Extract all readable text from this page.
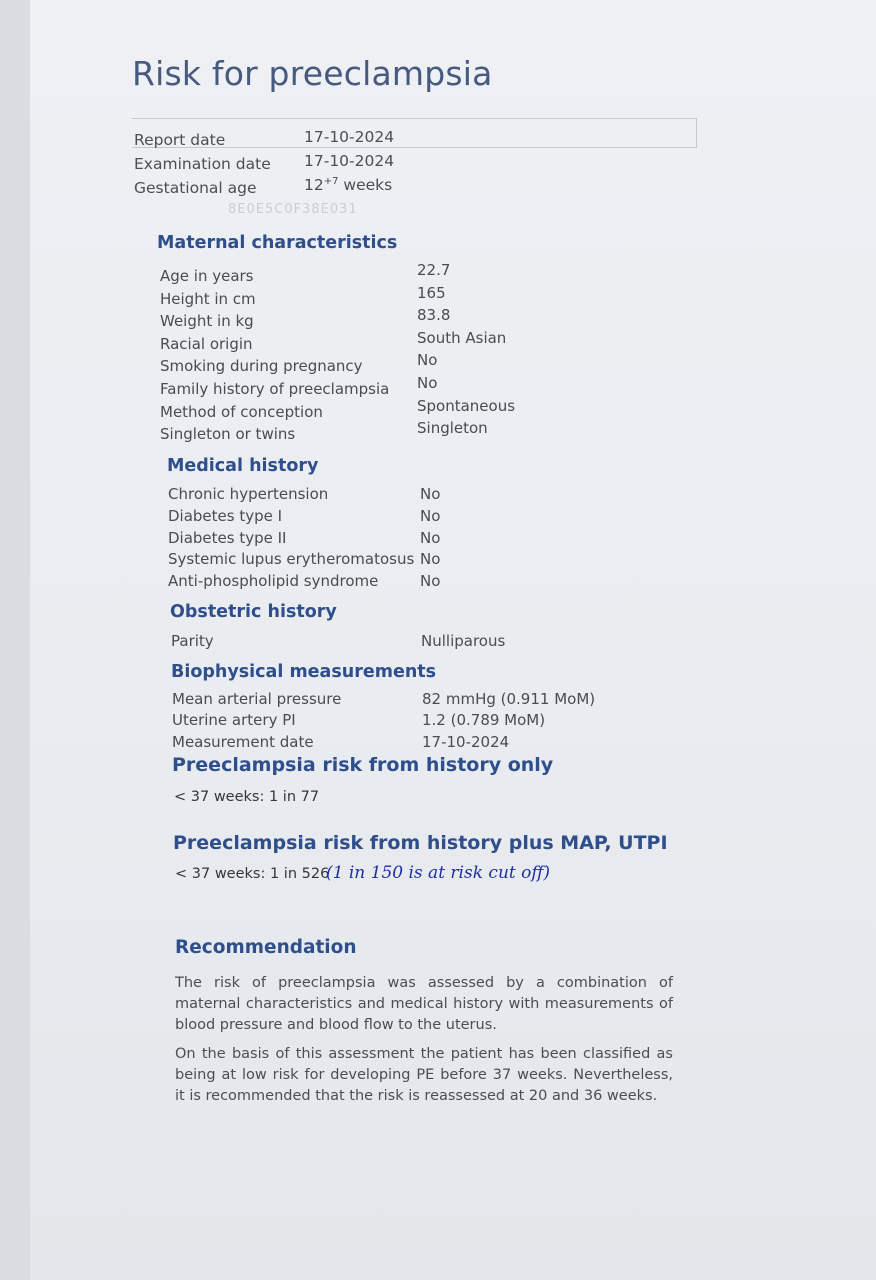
Risk for preeclampsia
Report date	17-10-2024
Examination date 17-10-2024
Gestational age	$12^{+7}$ weeks
8E0E5C0F38E031
Maternal characteristics
Age in years	22.7
Height in cm	165
Weight in kg	83.8
Racial origin	South Asian
Smoking during pregnancy	No
Family history of preeclampsia No
Method of conception	Spontaneous
Singleton or twins	Singleton
Medical history
Chronic hypertension	No
Diabetes type I	No
Diabetes type II	No
Systemic lupus erytheromatosus No
Anti-phospholipid syndrome	No
Obstetric history
Parity	Nulliparous
Biophysical measurements
Mean arterial pressure	82 mmHg (0.911 MoM)
Uterine artery PI	1.2 (0.789 MoM)
Measurement date	17-10-2024
Preeclampsia risk from history only
< 37 weeks: 1 in 77
Preeclampsia risk from history plus MAP, UTPI
< 37 weeks: 1 in 526
(1 in 150 is at risk cut off)
Recommendation
The risk of preeclampsia was assessed by a combination of maternal characteristics and medical history with measurements of blood pressure and blood flow to the uterus.
On the basis of this assessment the patient has been classified as being at low risk for developing PE before 37 weeks. Nevertheless, it is recommended that the risk is reassessed at 20 and 36 weeks.
